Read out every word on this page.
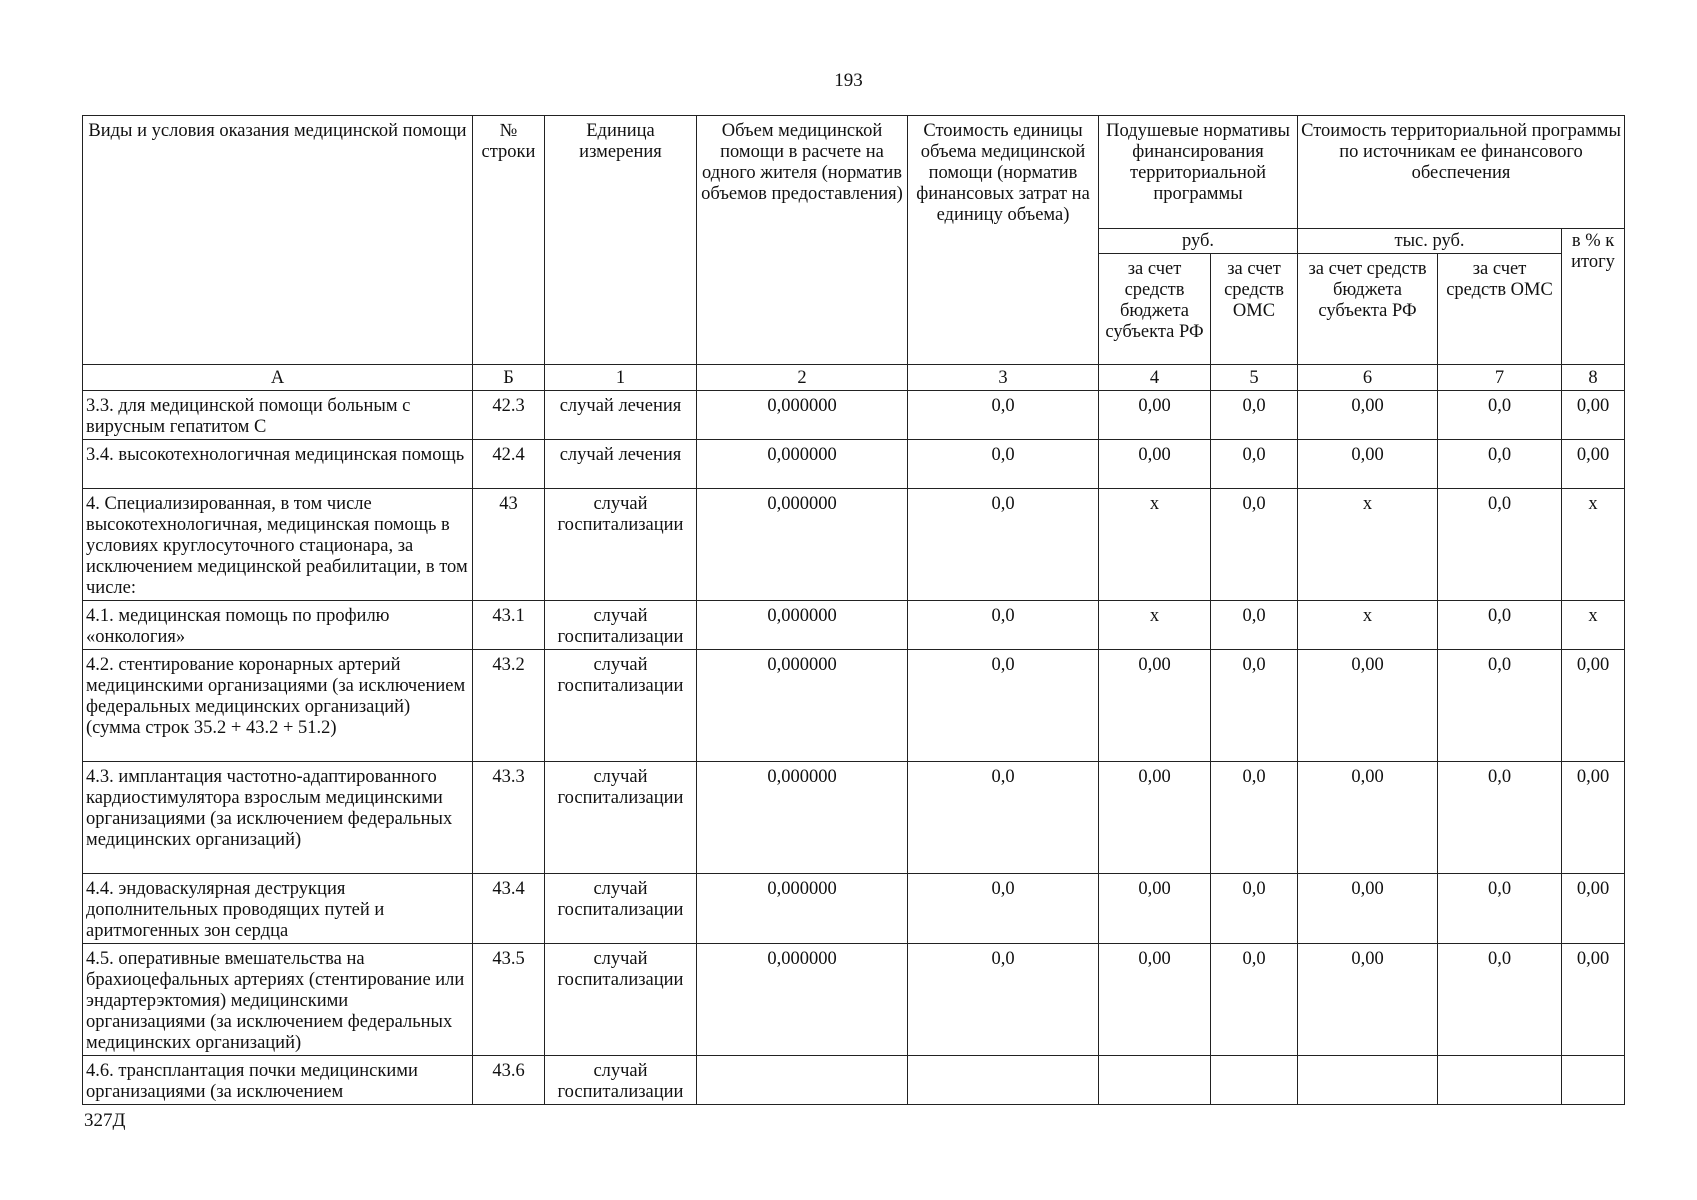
193
Виды и условия оказания медицинской помощи	№ строки	Единица измерения	Объем медицинской помощи в расчете на одного жителя (норматив объемов предоставления)	Стоимость единицы объема медицинской помощи (норматив финансовых затрат на единицу объема)	Подушевые нормативы финансирования территориальной программы		Стоимость территориальной программы по источникам ее финансового обеспечения		
					руб.		тыс. руб.		в % к итогу
					за счет средств бюджета субъекта РФ	за счет средств ОМС	за счет средств бюджета субъекта РФ	за счет средств ОМС	
А	Б	1	2	3	4	5	6	7	8
3.3. для медицинской помощи больным с вирусным гепатитом С	42.3	случай лечения	0,000000	0,0	0,00	0,0	0,00	0,0	0,00
3.4. высокотехнологичная медицинская помощь	42.4	случай лечения	0,000000	0,0	0,00	0,0	0,00	0,0	0,00
4. Специализированная, в том числе высокотехнологичная, медицинская помощь в условиях круглосуточного стационара, за исключением медицинской реабилитации, в том числе:	43	случай госпитализации	0,000000	0,0	x	0,0	x	0,0	x
4.1. медицинская помощь по профилю «онкология»	43.1	случай госпитализации	0,000000	0,0	x	0,0	x	0,0	x
4.2. стентирование коронарных артерий медицинскими организациями (за исключением федеральных медицинских организаций) (сумма строк 35.2 + 43.2 + 51.2)	43.2	случай госпитализации	0,000000	0,0	0,00	0,0	0,00	0,0	0,00
4.3. имплантация частотно-адаптированного кардиостимулятора взрослым медицинскими организациями (за исключением федеральных медицинских организаций)	43.3	случай госпитализации	0,000000	0,0	0,00	0,0	0,00	0,0	0,00
4.4. эндоваскулярная деструкция дополнительных проводящих путей и аритмогенных зон сердца	43.4	случай госпитализации	0,000000	0,0	0,00	0,0	0,00	0,0	0,00
4.5. оперативные вмешательства на брахиоцефальных артериях (стентирование или эндартерэктомия) медицинскими организациями (за исключением федеральных медицинских организаций)	43.5	случай госпитализации	0,000000	0,0	0,00	0,0	0,00	0,0	0,00
4.6. трансплантация почки медицинскими организациями (за исключением	43.6	случай госпитализации							
327Д
